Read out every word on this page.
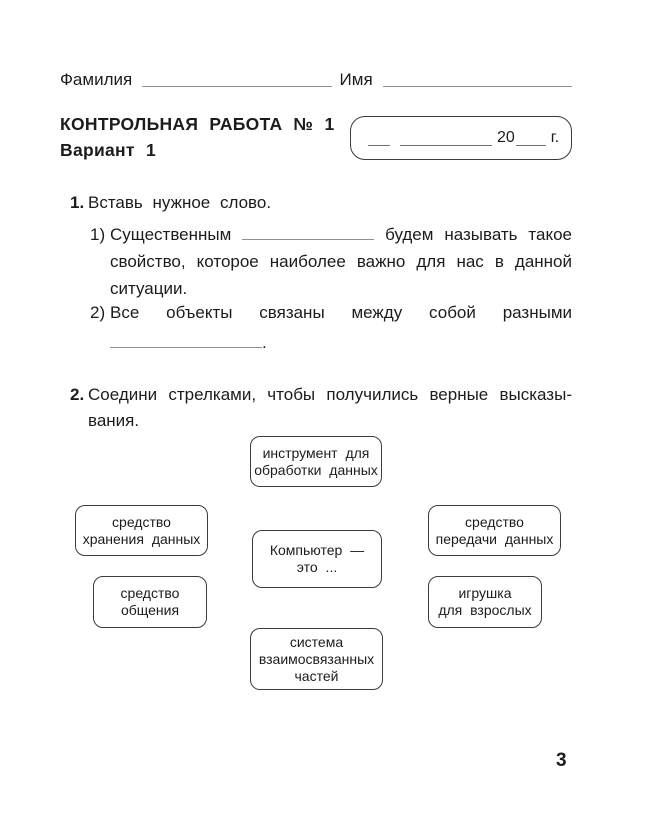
Фамилия	Имя
КОНТРОЛЬНАЯ РАБОТА № 1
Вариант 1
20 г.
1. Вставь нужное слово.
1) Существенным	будем называть такое
свойство, которое наиболее важно для нас в данной
ситуации.
2) Все объекты связаны между собой разными
.
2. Соедини стрелками, чтобы получились верные высказы-
вания.
инструмент для
обработки данных
средство
хранения данных
Компьютер —
это ...
средство
передачи данных
средство
общения
игрушка
для взрослых
система
взаимосвязанных
частей
3
